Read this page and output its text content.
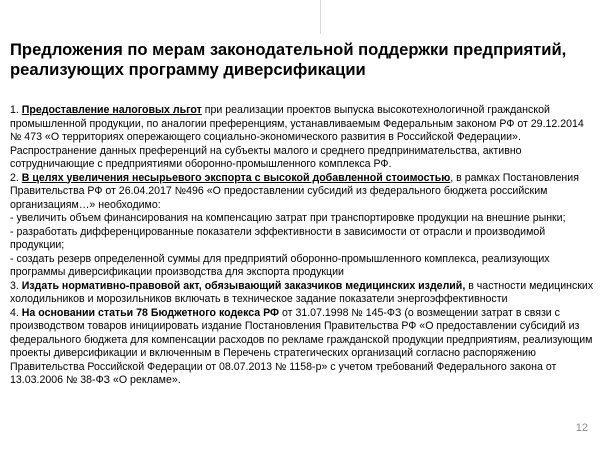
Предложения по мерам законодательной поддержки предприятий, реализующих программу диверсификации

1. Предоставление налоговых льгот при реализации проектов выпуска высокотехнологичной гражданской промышленной продукции, по аналогии преференциям, устанавливаемым Федеральным законом РФ от 29.12.2014 № 473 «О территориях опережающего социально-экономического развития в Российской Федерации». Распространение данных преференций на субъекты малого и среднего предпринимательства, активно сотрудничающие с предприятиями оборонно-промышленного комплекса РФ.

2. В целях увеличения несырьевого экспорта с высокой добавленной стоимостью, в рамках Постановления Правительства РФ от 26.04.2017 №496 «О предоставлении субсидий из федерального бюджета российским организациям…» необходимо:

- увеличить объем финансирования на компенсацию затрат при транспортировке продукции на внешние рынки;

- разработать дифференцированные показатели эффективности в зависимости от отрасли и производимой продукции;

- создать резерв определенной суммы для предприятий оборонно-промышленного комплекса, реализующих программы диверсификации производства для экспорта продукции

3. Издать нормативно-правовой акт, обязывающий заказчиков медицинских изделий, в частности медицинских холодильников и морозильников включать в техническое задание показатели энергоэффективности

4. На основании статьи 78 Бюджетного кодекса РФ от 31.07.1998 № 145-ФЗ (о возмещении затрат в связи с производством товаров инициировать издание Постановления Правительства РФ «О предоставлении субсидий из федерального бюджета для компенсации расходов по рекламе гражданской продукции предприятиям, реализующим проекты диверсификации и включенным в Перечень стратегических организаций согласно распоряжению Правительства Российской Федерации от 08.07.2013 № 1158-р» с учетом требований Федерального закона от 13.03.2006 № 38-ФЗ «О рекламе».

12
